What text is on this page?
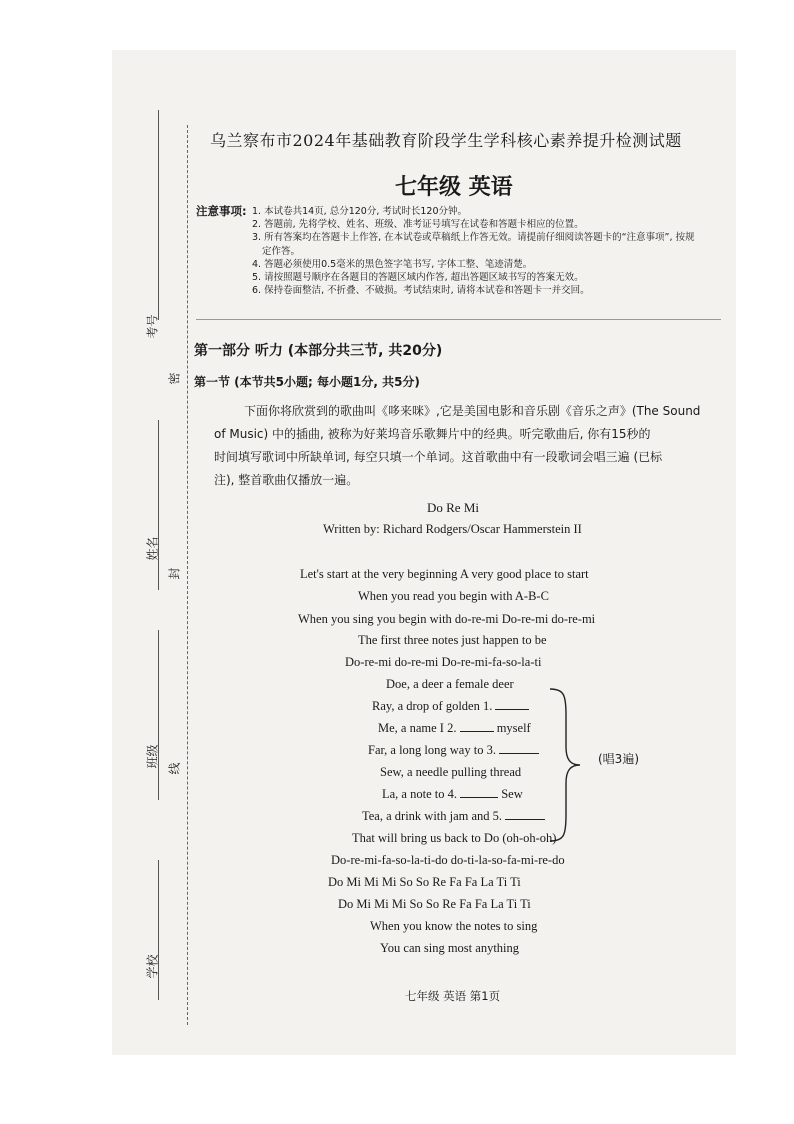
考号
密
姓名
封
班级 线
学校
乌兰察布市2024年基础教育阶段学生学科核心素养提升检测试题
七年级 英语
注意事项: 1. 本试卷共14页, 总分120分, 考试时长120分钟。
2. 答题前, 先将学校、姓名、班级、准考证号填写在试卷和答题卡相应的位置。
3. 所有答案均在答题卡上作答, 在本试卷或草稿纸上作答无效。请提前仔细阅读答题卡的“注意事项”, 按规
定作答。
4. 答题必须使用0.5毫米的黑色签字笔书写, 字体工整、笔迹清楚。
5. 请按照题号顺序在各题目的答题区域内作答, 超出答题区域书写的答案无效。
6. 保持卷面整洁, 不折叠、不破损。考试结束时, 请将本试卷和答题卡一并交回。
第一部分 听力 (本部分共三节, 共20分)
第一节 (本节共5小题; 每小题1分, 共5分)
下面你将欣赏到的歌曲叫《哆来咪》,它是美国电影和音乐剧《音乐之声》(The Sound
of Music) 中的插曲, 被称为好莱坞音乐歌舞片中的经典。听完歌曲后, 你有15秒的
时间填写歌词中所缺单词, 每空只填一个单词。这首歌曲中有一段歌词会唱三遍 (已标
注), 整首歌曲仅播放一遍。
Do Re Mi
Written by: Richard Rodgers/Oscar Hammerstein II
Let's start at the very beginning A very good place to start
When you read you begin with A-B-C
When you sing you begin with do-re-mi Do-re-mi do-re-mi
The first three notes just happen to be
Do-re-mi do-re-mi Do-re-mi-fa-so-la-ti
Doe, a deer a female deer
Ray, a drop of golden 1.
Me, a name I 2.	myself
Far, a long long way to 3.
Sew, a needle pulling thread
La, a note to 4.	Sew
Tea, a drink with jam and 5.
That will bring us back to Do (oh-oh-oh)
Do-re-mi-fa-so-la-ti-do do-ti-la-so-fa-mi-re-do
Do Mi Mi Mi So So Re Fa Fa La Ti Ti
Do Mi Mi Mi So So Re Fa Fa La Ti Ti
When you know the notes to sing
You can sing most anything
(唱3遍)
七年级 英语 第1页
